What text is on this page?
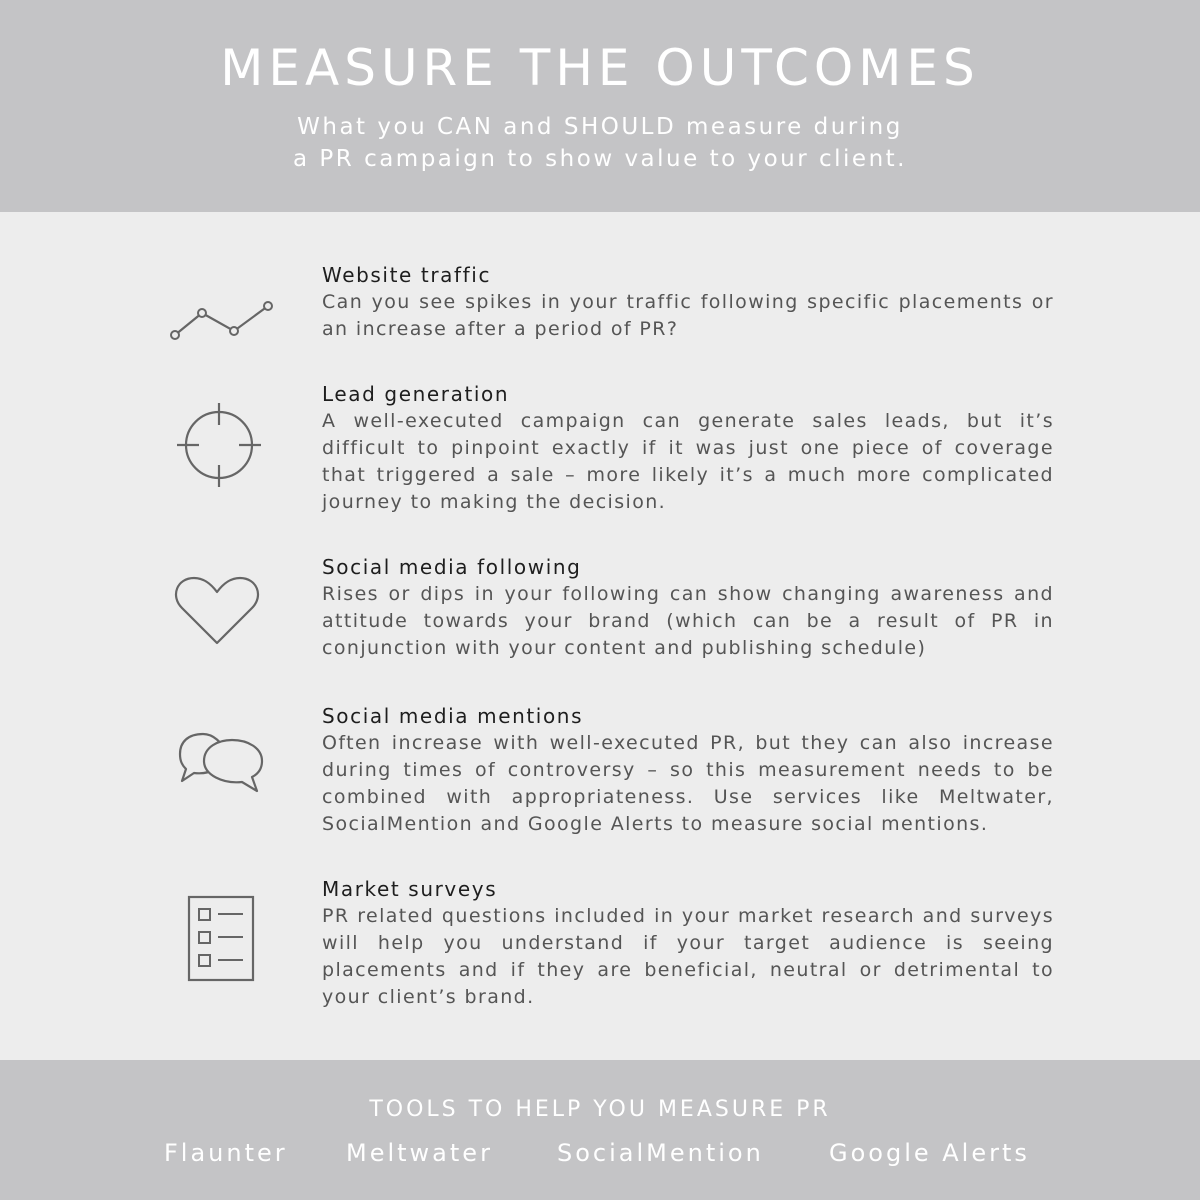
MEASURE THE OUTCOMES
What you CAN and SHOULD measure during
a PR campaign to show value to your client.
Website traffic
Can you see spikes in your traffic following specific placements or an increase after a period of PR?
Lead generation
A well-executed campaign can generate sales leads, but it’s difficult to pinpoint exactly if it was just one piece of coverage that triggered a sale – more likely it’s a much more complicated journey to making the decision.
Social media following
Rises or dips in your following can show changing awareness and attitude towards your brand (which can be a result of PR in conjunction with your content and publishing schedule)
Social media mentions
Often increase with well-executed PR, but they can also increase during times of controversy – so this measurement needs to be combined with appropriateness. Use services like Meltwater, SocialMention and Google Alerts to measure social mentions.
Market surveys
PR related questions included in your market research and surveys will help you understand if your target audience is seeing placements and if they are beneficial, neutral or detrimental to your client’s brand.
TOOLS TO HELP YOU MEASURE PR
Flaunter Meltwater	SocialMention	Google Alerts
